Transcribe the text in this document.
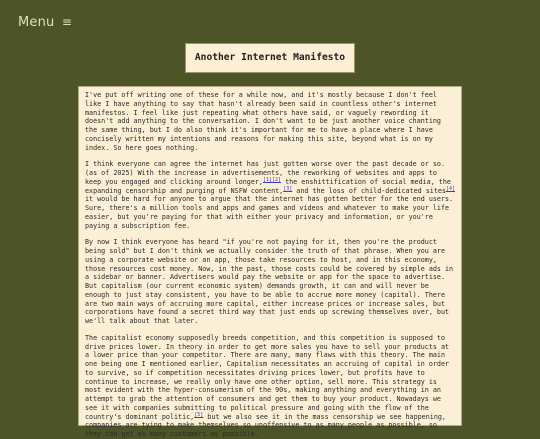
Menu ≡
Another Internet Manifesto

I've put off writing one of these for a while now, and it's mostly because I don't feel like I have anything to say that hasn't already been said in countless other's internet manifestos. I feel like just repeating what others have said, or vaguely rewording it doesn't add anything to the conversation. I don't want to be just another voice chanting the same thing, but I do also think it's important for me to have a place where I have concisely written my intentions and reasons for making this site, beyond what is on my index. So here goes nothing.

I think everyone can agree the internet has just gotten worse over the past decade or so. (as of 2025) With the increase in advertisements, the reworking of websites and apps to keep you engaged and clicking around longer,[1][2] the enshittification of social media, the expanding censorship and purging of NSFW content,[3] and the loss of child-dedicated sites[4] it would be hard for anyone to argue that the internet has gotten better for the end users. Sure, there's a million tools and apps and games and videos and whatever to make your life easier, but you're paying for that with either your privacy and information, or you're paying a subscription fee.

By now I think everyone has heard "if you're not paying for it, then you're the product being sold" but I don't think we actually consider the truth of that phrase. When you are using a corporate website or an app, those take resources to host, and in this economy, those resources cost money. Now, in the past, those costs could be covered by simple ads in a sidebar or banner. Advertisers would pay the website or app for the space to advertise. But capitalism (our current economic system) demands growth, it can and will never be enough to just stay consistent, you have to be able to accrue more money (capital). There are two main ways of accruing more capital, either increase prices or increase sales, but corporations have found a secret third way that just ends up screwing themselves over, but we'll talk about that later.

The capitalist economy supposedly breeds competition, and this competition is supposed to drive prices lower. In theory in order to get more sales you have to sell your products at a lower price than your competitor. There are many, many flaws with this theory. The main one being one I mentioned earlier, Capitalism necessitates an accruing of capital in order to survive, so if competition necessitates driving prices lower, but profits have to continue to increase, we really only have one other option, sell more. This strategy is most evident with the hyper-consumerism of the 90s, making anything and everything in an attempt to grab the attention of consumers and get them to buy your product. Nowadays we see it with companies submitting to political pressure and going with the flow of the country's dominant politic,[5] but we also see it in the mass censorship we see happening, companies are tying to make themselves so unoffensive to as many people as possible, so they can get as many customers as possible.
